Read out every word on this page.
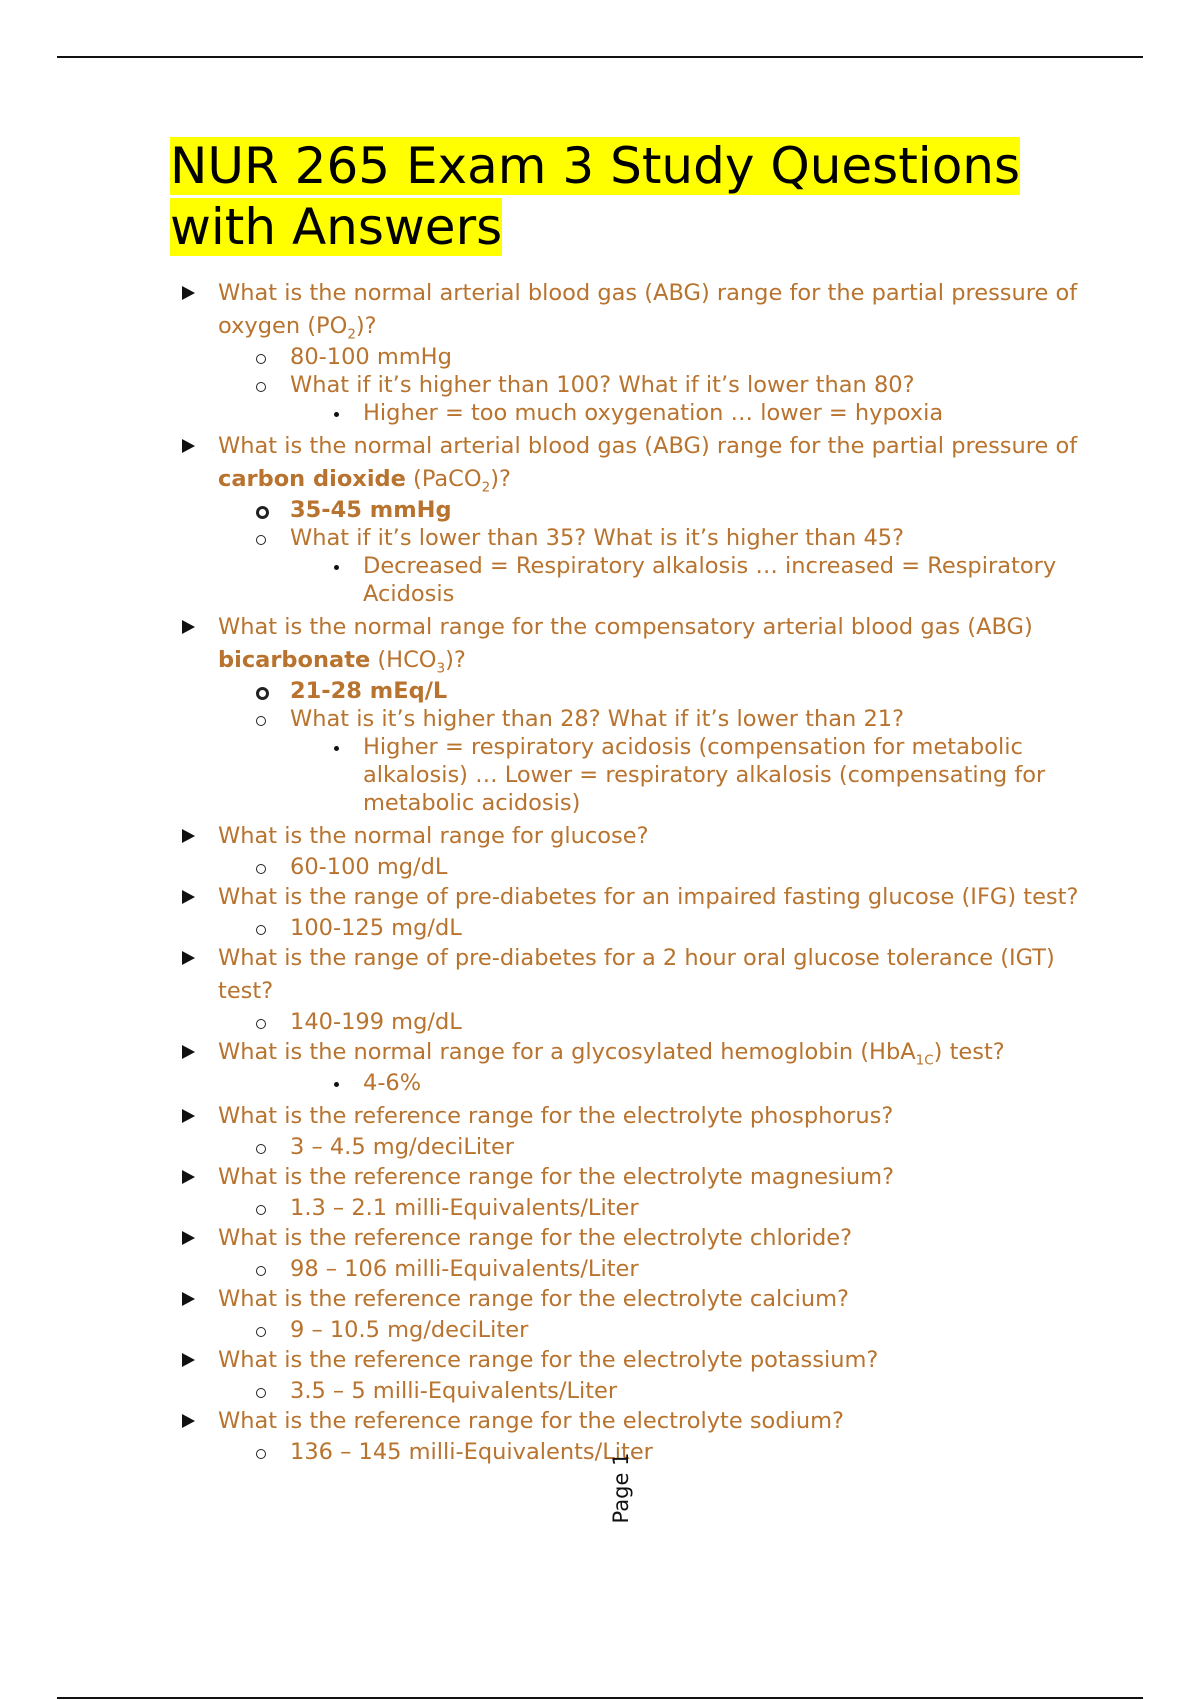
NUR 265 Exam 3 Study Questions
with Answers
What is the normal arterial blood gas (ABG) range for the partial pressure of oxygen $(PO_2)$?
80-100 mmHg
What if it’s higher than 100? What if it’s lower than 80?
Higher = too much oxygenation … lower = hypoxia
What is the normal arterial blood gas (ABG) range for the partial pressure of carbon dioxide (PaCO$_2$)?
35-45 mmHg
What if it’s lower than 35? What is it’s higher than 45?
Decreased = Respiratory alkalosis … increased = Respiratory Acidosis
What is the normal range for the compensatory arterial blood gas (ABG) bicarbonate $(HCO_3)$?
21-28 mEq/L
What is it’s higher than 28? What if it’s lower than 21?
Higher = respiratory acidosis (compensation for metabolic alkalosis) … Lower = respiratory alkalosis (compensating for metabolic acidosis)
What is the normal range for glucose?
60-100 mg/dL
What is the range of pre-diabetes for an impaired fasting glucose (IFG) test?
100-125 mg/dL
What is the range of pre-diabetes for a 2 hour oral glucose tolerance (IGT) test?
140-199 mg/dL
What is the normal range for a glycosylated hemoglobin (HbA$_{1C}$) test?
4-6%
What is the reference range for the electrolyte phosphorus?
3 – 4.5 mg/deciLiter
What is the reference range for the electrolyte magnesium?
1.3 – 2.1 milli-Equivalents/Liter
What is the reference range for the electrolyte chloride?
98 – 106 milli-Equivalents/Liter
What is the reference range for the electrolyte calcium?
9 – 10.5 mg/deciLiter
What is the reference range for the electrolyte potassium?
3.5 – 5 milli-Equivalents/Liter
What is the reference range for the electrolyte sodium?
136 – 145 milli-Equivalents/Liter
Page 1
